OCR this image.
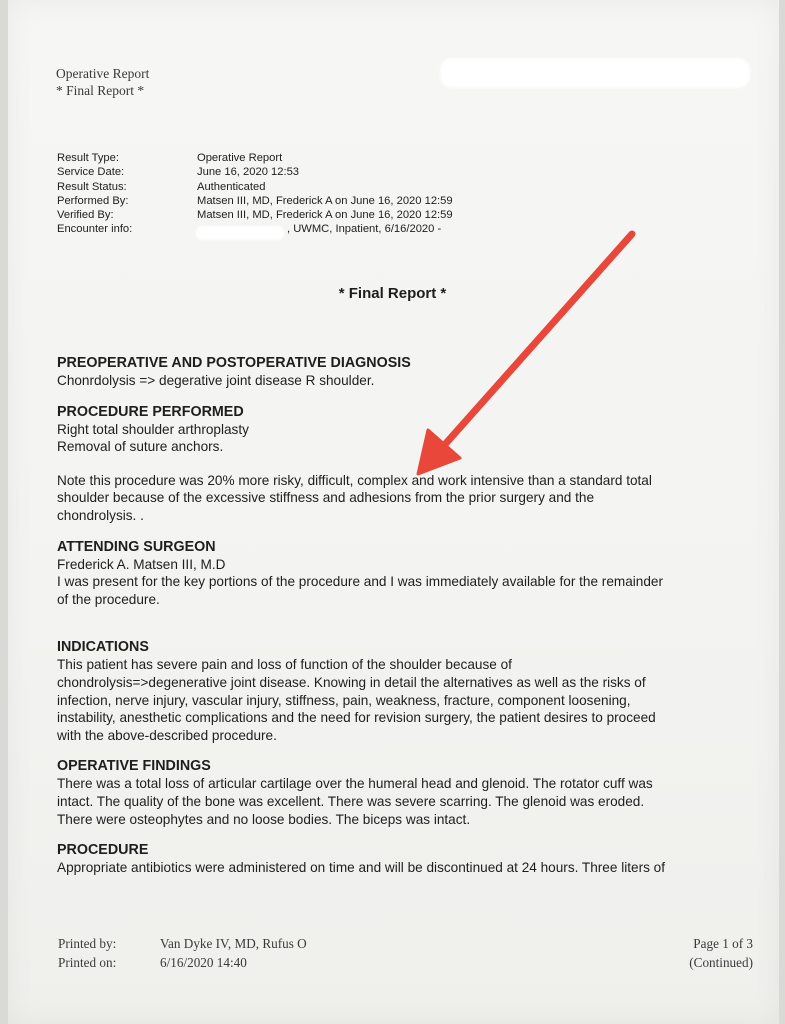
Operative Report
* Final Report *
Result Type:	Operative Report
Service Date:	June 16, 2020 12:53
Result Status:	Authenticated
Performed By:	Matsen III, MD, Frederick A on June 16, 2020 12:59
Verified By:	Matsen III, MD, Frederick A on June 16, 2020 12:59
Encounter info:	, UWMC, Inpatient, 6/16/2020 -
* Final Report *
PREOPERATIVE AND POSTOPERATIVE DIAGNOSIS
Chonrdolysis => degerative joint disease R shoulder.
PROCEDURE PERFORMED
Right total shoulder arthroplasty
Removal of suture anchors.
Note this procedure was 20% more risky, difficult, complex and work intensive than a standard total
shoulder because of the excessive stiffness and adhesions from the prior surgery and the
chondrolysis. .
ATTENDING SURGEON
Frederick A. Matsen III, M.D
I was present for the key portions of the procedure and I was immediately available for the remainder
of the procedure.
INDICATIONS
This patient has severe pain and loss of function of the shoulder because of
chondrolysis=>degenerative joint disease. Knowing in detail the alternatives as well as the risks of
infection, nerve injury, vascular injury, stiffness, pain, weakness, fracture, component loosening,
instability, anesthetic complications and the need for revision surgery, the patient desires to proceed
with the above-described procedure.
OPERATIVE FINDINGS
There was a total loss of articular cartilage over the humeral head and glenoid. The rotator cuff was
intact. The quality of the bone was excellent. There was severe scarring. The glenoid was eroded.
There were osteophytes and no loose bodies. The biceps was intact.
PROCEDURE
Appropriate antibiotics were administered on time and will be discontinued at 24 hours. Three liters of
Printed by:	Van Dyke IV, MD, Rufus O	Page 1 of 3
Printed on:	6/16/2020 14:40	(Continued)
